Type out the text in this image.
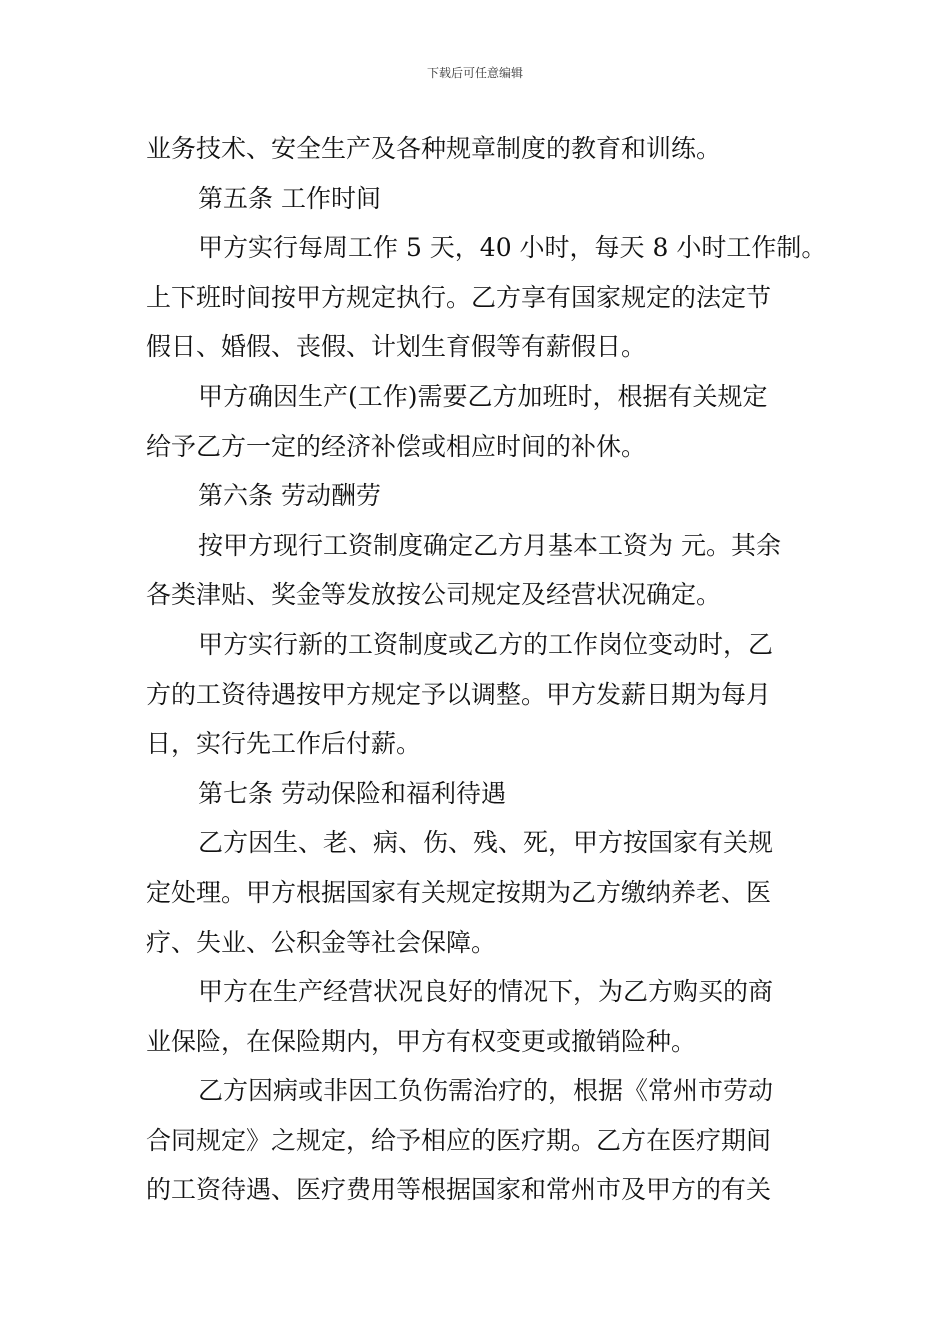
下载后可任意编辑
业务技术、安全生产及各种规章制度的教育和训练。
第五条 工作时间
甲方实行每周工作 5 天，40 小时，每天 8 小时工作制。
上下班时间按甲方规定执行。乙方享有国家规定的法定节
假日、婚假、丧假、计划生育假等有薪假日。
甲方确因生产(工作)需要乙方加班时，根据有关规定
给予乙方一定的经济补偿或相应时间的补休。
第六条 劳动酬劳
按甲方现行工资制度确定乙方月基本工资为 元。其余
各类津贴、奖金等发放按公司规定及经营状况确定。
甲方实行新的工资制度或乙方的工作岗位变动时，乙
方的工资待遇按甲方规定予以调整。甲方发薪日期为每月
日，实行先工作后付薪。
第七条 劳动保险和福利待遇
乙方因生、老、病、伤、残、死，甲方按国家有关规
定处理。甲方根据国家有关规定按期为乙方缴纳养老、医
疗、失业、公积金等社会保障。
甲方在生产经营状况良好的情况下，为乙方购买的商
业保险，在保险期内，甲方有权变更或撤销险种。
乙方因病或非因工负伤需治疗的，根据《常州市劳动
合同规定》之规定，给予相应的医疗期。乙方在医疗期间
的工资待遇、医疗费用等根据国家和常州市及甲方的有关
